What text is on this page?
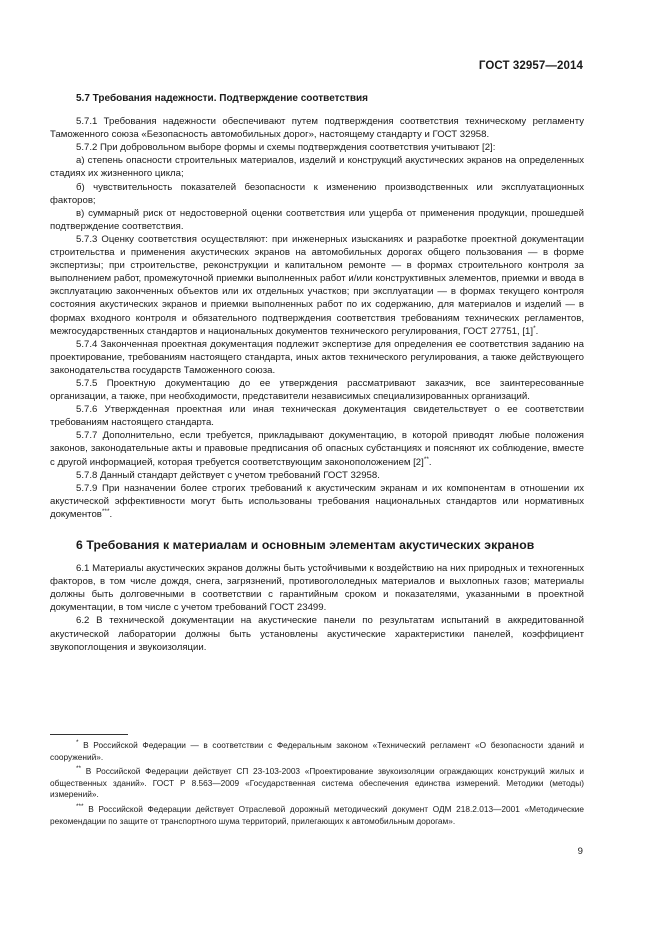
ГОСТ 32957—2014

5.7 Требования надежности. Подтверждение соответствия

5.7.1 Требования надежности обеспечивают путем подтверждения соответствия техническому регламенту Таможенного союза «Безопасность автомобильных дорог», настоящему стандарту и ГОСТ 32958.

5.7.2 При добровольном выборе формы и схемы подтверждения соответствия учитывают [2]:

а) степень опасности строительных материалов, изделий и конструкций акустических экранов на определенных стадиях их жизненного цикла;

б) чувствительность показателей безопасности к изменению производственных или эксплуатационных факторов;

в) суммарный риск от недостоверной оценки соответствия или ущерба от применения продукции, прошедшей подтверждение соответствия.

5.7.3 Оценку соответствия осуществляют: при инженерных изысканиях и разработке проектной документации строительства и применения акустических экранов на автомобильных дорогах общего пользования — в форме экспертизы; при строительстве, реконструкции и капитальном ремонте — в формах строительного контроля за выполнением работ, промежуточной приемки выполненных работ и/или конструктивных элементов, приемки и ввода в эксплуатацию законченных объектов или их отдельных участков; при эксплуатации — в формах текущего контроля состояния акустических экранов и приемки выполненных работ по их содержанию, для материалов и изделий — в формах входного контроля и обязательного подтверждения соответствия требованиям технических регламентов, межгосударственных стандартов и национальных документов технического регулирования, ГОСТ 27751, [1]*.

5.7.4 Законченная проектная документация подлежит экспертизе для определения ее соответствия заданию на проектирование, требованиям настоящего стандарта, иных актов технического регулирования, а также действующего законодательства государств Таможенного союза.

5.7.5 Проектную документацию до ее утверждения рассматривают заказчик, все заинтересованные организации, а также, при необходимости, представители независимых специализированных организаций.

5.7.6 Утвержденная проектная или иная техническая документация свидетельствует о ее соответствии требованиям настоящего стандарта.

5.7.7 Дополнительно, если требуется, прикладывают документацию, в которой приводят любые положения законов, законодательные акты и правовые предписания об опасных субстанциях и поясняют их соблюдение, вместе с другой информацией, которая требуется соответствующим законоположением [2]**.

5.7.8 Данный стандарт действует с учетом требований ГОСТ 32958.

5.7.9 При назначении более строгих требований к акустическим экранам и их компонентам в отношении их акустической эффективности могут быть использованы требования национальных стандартов или нормативных документов***.

6 Требования к материалам и основным элементам акустических экранов

6.1 Материалы акустических экранов должны быть устойчивыми к воздействию на них природных и техногенных факторов, в том числе дождя, снега, загрязнений, противогололедных материалов и выхлопных газов; материалы должны быть долговечными в соответствии с гарантийным сроком и показателями, указанными в проектной документации, в том числе с учетом требований ГОСТ 23499.

6.2 В технической документации на акустические панели по результатам испытаний в аккредитованной акустической лаборатории должны быть установлены акустические характеристики панелей, коэффициент звукопоглощения и звукоизоляции.

* В Российской Федерации — в соответствии с Федеральным законом «Технический регламент «О безопасности зданий и сооружений».

** В Российской Федерации действует СП 23-103-2003 «Проектирование звукоизоляции ограждающих конструкций жилых и общественных зданий». ГОСТ Р 8.563—2009 «Государственная система обеспечения единства измерений. Методики (методы) измерений».

*** В Российской Федерации действует Отраслевой дорожный методический документ ОДМ 218.2.013—2001 «Методические рекомендации по защите от транспортного шума территорий, прилегающих к автомобильным дорогам».

9
